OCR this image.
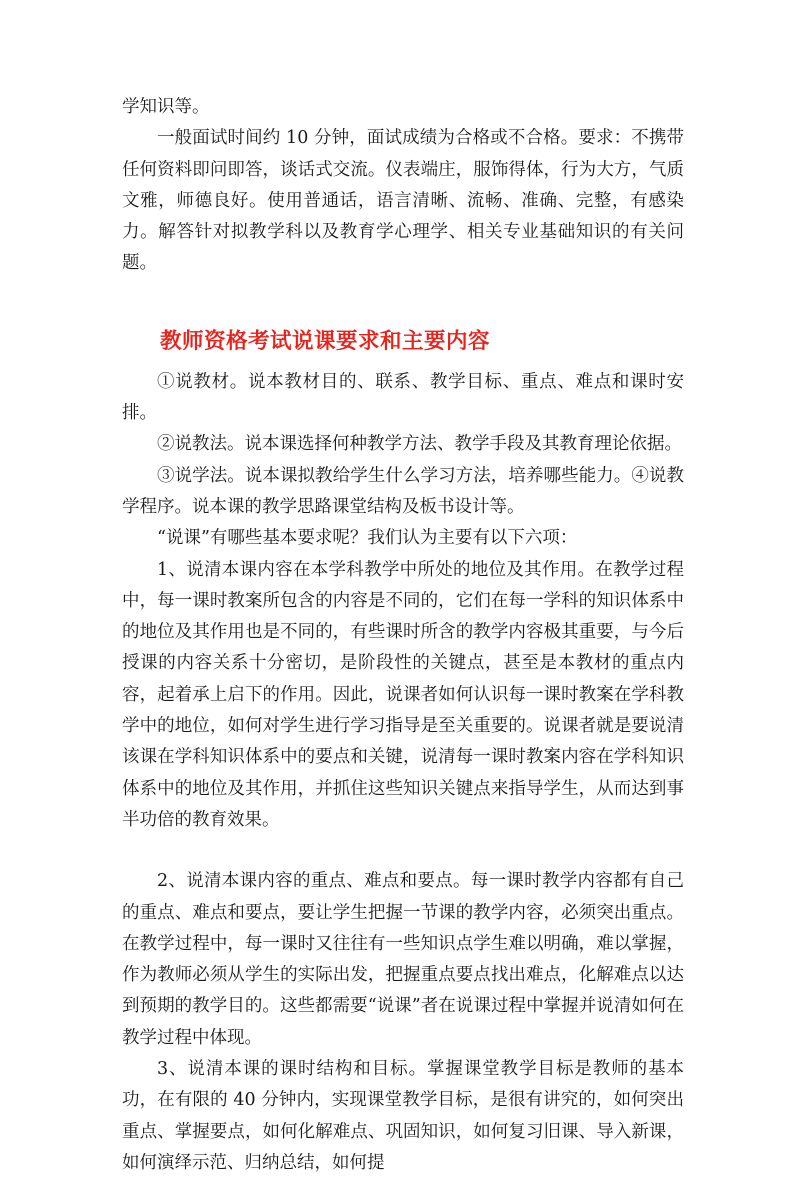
学知识等。

一般面试时间约 10 分钟，面试成绩为合格或不合格。要求：不携带任何资料即问即答，谈话式交流。仪表端庄，服饰得体，行为大方，气质文雅，师德良好。使用普通话，语言清晰、流畅、准确、完整，有感染力。解答针对拟教学科以及教育学心理学、相关专业基础知识的有关问题。

教师资格考试说课要求和主要内容

①说教材。说本教材目的、联系、教学目标、重点、难点和课时安排。

②说教法。说本课选择何种教学方法、教学手段及其教育理论依据。

③说学法。说本课拟教给学生什么学习方法，培养哪些能力。④说教学程序。说本课的教学思路课堂结构及板书设计等。

“说课”有哪些基本要求呢？我们认为主要有以下六项：

1、说清本课内容在本学科教学中所处的地位及其作用。在教学过程中，每一课时教案所包含的内容是不同的，它们在每一学科的知识体系中的地位及其作用也是不同的，有些课时所含的教学内容极其重要，与今后授课的内容关系十分密切，是阶段性的关键点，甚至是本教材的重点内容，起着承上启下的作用。因此，说课者如何认识每一课时教案在学科教学中的地位，如何对学生进行学习指导是至关重要的。说课者就是要说清该课在学科知识体系中的要点和关键，说清每一课时教案内容在学科知识体系中的地位及其作用，并抓住这些知识关键点来指导学生，从而达到事半功倍的教育效果。

2、说清本课内容的重点、难点和要点。每一课时教学内容都有自己的重点、难点和要点，要让学生把握一节课的教学内容，必须突出重点。在教学过程中，每一课时又往往有一些知识点学生难以明确，难以掌握，作为教师必须从学生的实际出发，把握重点要点找出难点，化解难点以达到预期的教学目的。这些都需要“说课”者在说课过程中掌握并说清如何在教学过程中体现。

3、说清本课的课时结构和目标。掌握课堂教学目标是教师的基本功，在有限的 40 分钟内，实现课堂教学目标，是很有讲究的，如何突出重点、掌握要点，如何化解难点、巩固知识，如何复习旧课、导入新课，如何演绎示范、归纳总结，如何提
